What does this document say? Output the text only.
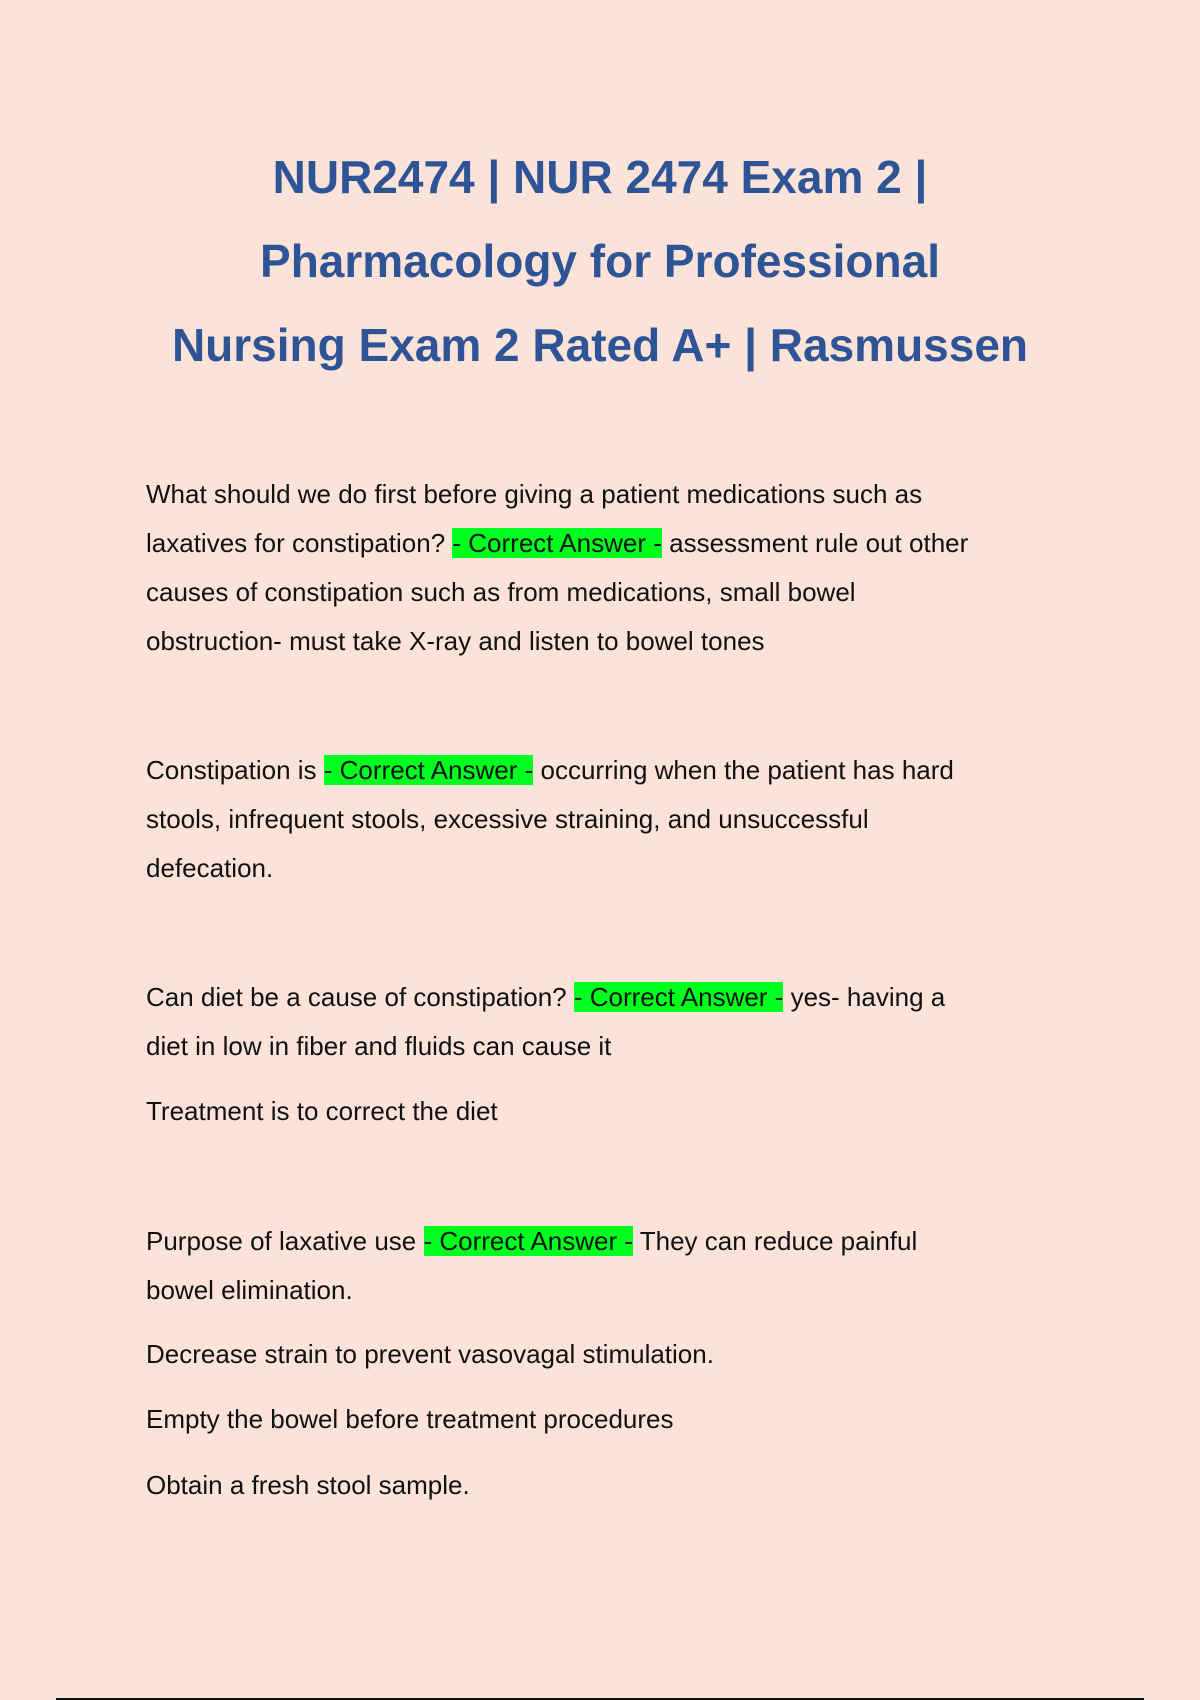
NUR2474 | NUR 2474 Exam 2 |
Pharmacology for Professional
Nursing Exam 2 Rated A+ | Rasmussen

What should we do first before giving a patient medications such as
laxatives for constipation? - Correct Answer - assessment rule out other
causes of constipation such as from medications, small bowel
obstruction- must take X-ray and listen to bowel tones

Constipation is - Correct Answer - occurring when the patient has hard
stools, infrequent stools, excessive straining, and unsuccessful
defecation.

Can diet be a cause of constipation? - Correct Answer - yes- having a
diet in low in fiber and fluids can cause it

Treatment is to correct the diet

Purpose of laxative use - Correct Answer - They can reduce painful
bowel elimination.

Decrease strain to prevent vasovagal stimulation.

Empty the bowel before treatment procedures

Obtain a fresh stool sample.
